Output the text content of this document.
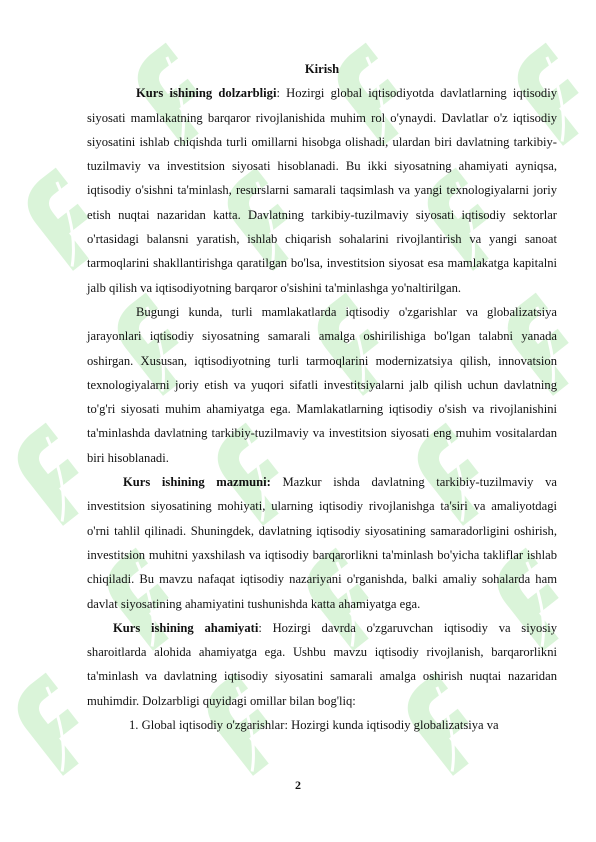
Kirish

Kurs ishining dolzarbligi: Hozirgi global iqtisodiyotda davlatlarning iqtisodiy siyosati mamlakatning barqaror rivojlanishida muhim rol o'ynaydi. Davlatlar o'z iqtisodiy siyosatini ishlab chiqishda turli omillarni hisobga olishadi, ulardan biri davlatning tarkibiy-tuzilmaviy va investitsion siyosati hisoblanadi. Bu ikki siyosatning ahamiyati ayniqsa, iqtisodiy o'sishni ta'minlash, resurslarni samarali taqsimlash va yangi texnologiyalarni joriy etish nuqtai nazaridan katta. Davlatning tarkibiy-tuzilmaviy siyosati iqtisodiy sektorlar o'rtasidagi balansni yaratish, ishlab chiqarish sohalarini rivojlantirish va yangi sanoat tarmoqlarini shakllantirishga qaratilgan bo'lsa, investitsion siyosat esa mamlakatga kapitalni jalb qilish va iqtisodiyotning barqaror o'sishini ta'minlashga yo'naltirilgan.

Bugungi kunda, turli mamlakatlarda iqtisodiy o'zgarishlar va globalizatsiya jarayonlari iqtisodiy siyosatning samarali amalga oshirilishiga bo'lgan talabni yanada oshirgan. Xususan, iqtisodiyotning turli tarmoqlarini modernizatsiya qilish, innovatsion texnologiyalarni joriy etish va yuqori sifatli investitsiyalarni jalb qilish uchun davlatning to'g'ri siyosati muhim ahamiyatga ega. Mamlakatlarning iqtisodiy o'sish va rivojlanishini ta'minlashda davlatning tarkibiy-tuzilmaviy va investitsion siyosati eng muhim vositalardan biri hisoblanadi.

Kurs ishining mazmuni: Mazkur ishda davlatning tarkibiy-tuzilmaviy va investitsion siyosatining mohiyati, ularning iqtisodiy rivojlanishga ta'siri va amaliyotdagi o'rni tahlil qilinadi. Shuningdek, davlatning iqtisodiy siyosatining samaradorligini oshirish, investitsion muhitni yaxshilash va iqtisodiy barqarorlikni ta'minlash bo'yicha takliflar ishlab chiqiladi. Bu mavzu nafaqat iqtisodiy nazariyani o'rganishda, balki amaliy sohalarda ham davlat siyosatining ahamiyatini tushunishda katta ahamiyatga ega.

Kurs ishining ahamiyati: Hozirgi davrda o'zgaruvchan iqtisodiy va siyosiy sharoitlarda alohida ahamiyatga ega. Ushbu mavzu iqtisodiy rivojlanish, barqarorlikni ta'minlash va davlatning iqtisodiy siyosatini samarali amalga oshirish nuqtai nazaridan muhimdir. Dolzarbligi quyidagi omillar bilan bog'liq:

1. Global iqtisodiy o'zgarishlar: Hozirgi kunda iqtisodiy globalizatsiya va

2
